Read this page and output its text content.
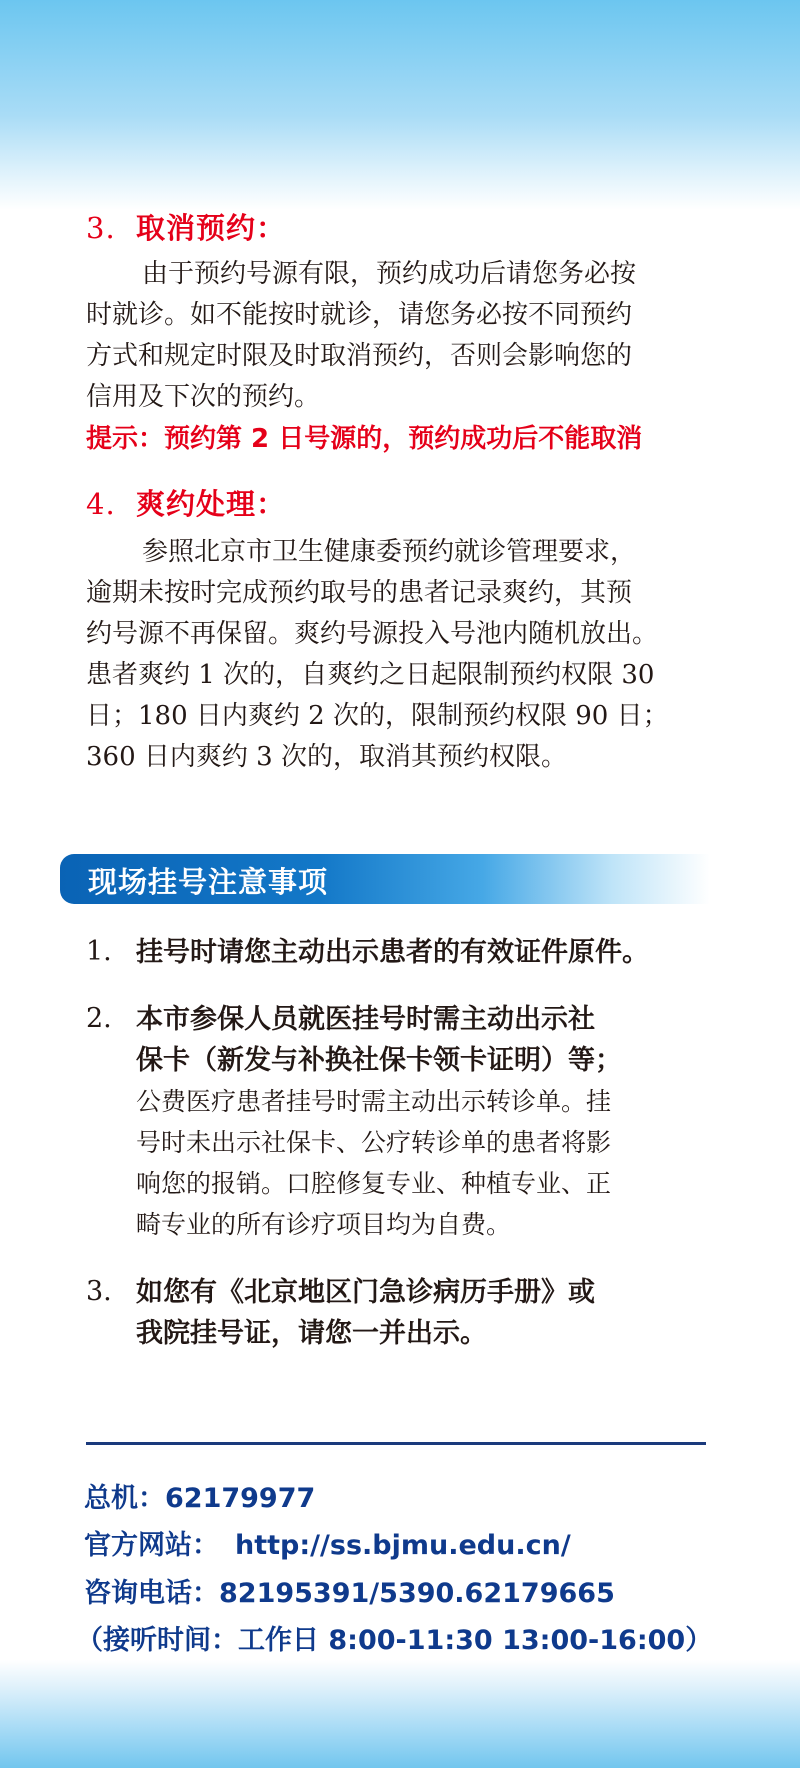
3. 取消预约：
由于预约号源有限，预约成功后请您务必按
时就诊。如不能按时就诊，请您务必按不同预约
方式和规定时限及时取消预约，否则会影响您的
信用及下次的预约。
提示：预约第 2 日号源的，预约成功后不能取消
4. 爽约处理：
参照北京市卫生健康委预约就诊管理要求，
逾期未按时完成预约取号的患者记录爽约，其预
约号源不再保留。爽约号源投入号池内随机放出。
患者爽约 1 次的，自爽约之日起限制预约权限 30
日；180 日内爽约 2 次的，限制预约权限 90 日；
360 日内爽约 3 次的，取消其预约权限。
现场挂号注意事项
1. 挂号时请您主动出示患者的有效证件原件。
2. 本市参保人员就医挂号时需主动出示社
保卡（新发与补换社保卡领卡证明）等；
公费医疗患者挂号时需主动出示转诊单。挂
号时未出示社保卡、公疗转诊单的患者将影
响您的报销。口腔修复专业、种植专业、正
畸专业的所有诊疗项目均为自费。
3. 如您有《北京地区门急诊病历手册》或
我院挂号证，请您一并出示。
总机：62179977
官方网站： http://ss.bjmu.edu.cn/
咨询电话：82195391/5390.62179665
（接听时间：工作日 8:00-11:30 13:00-16:00）
